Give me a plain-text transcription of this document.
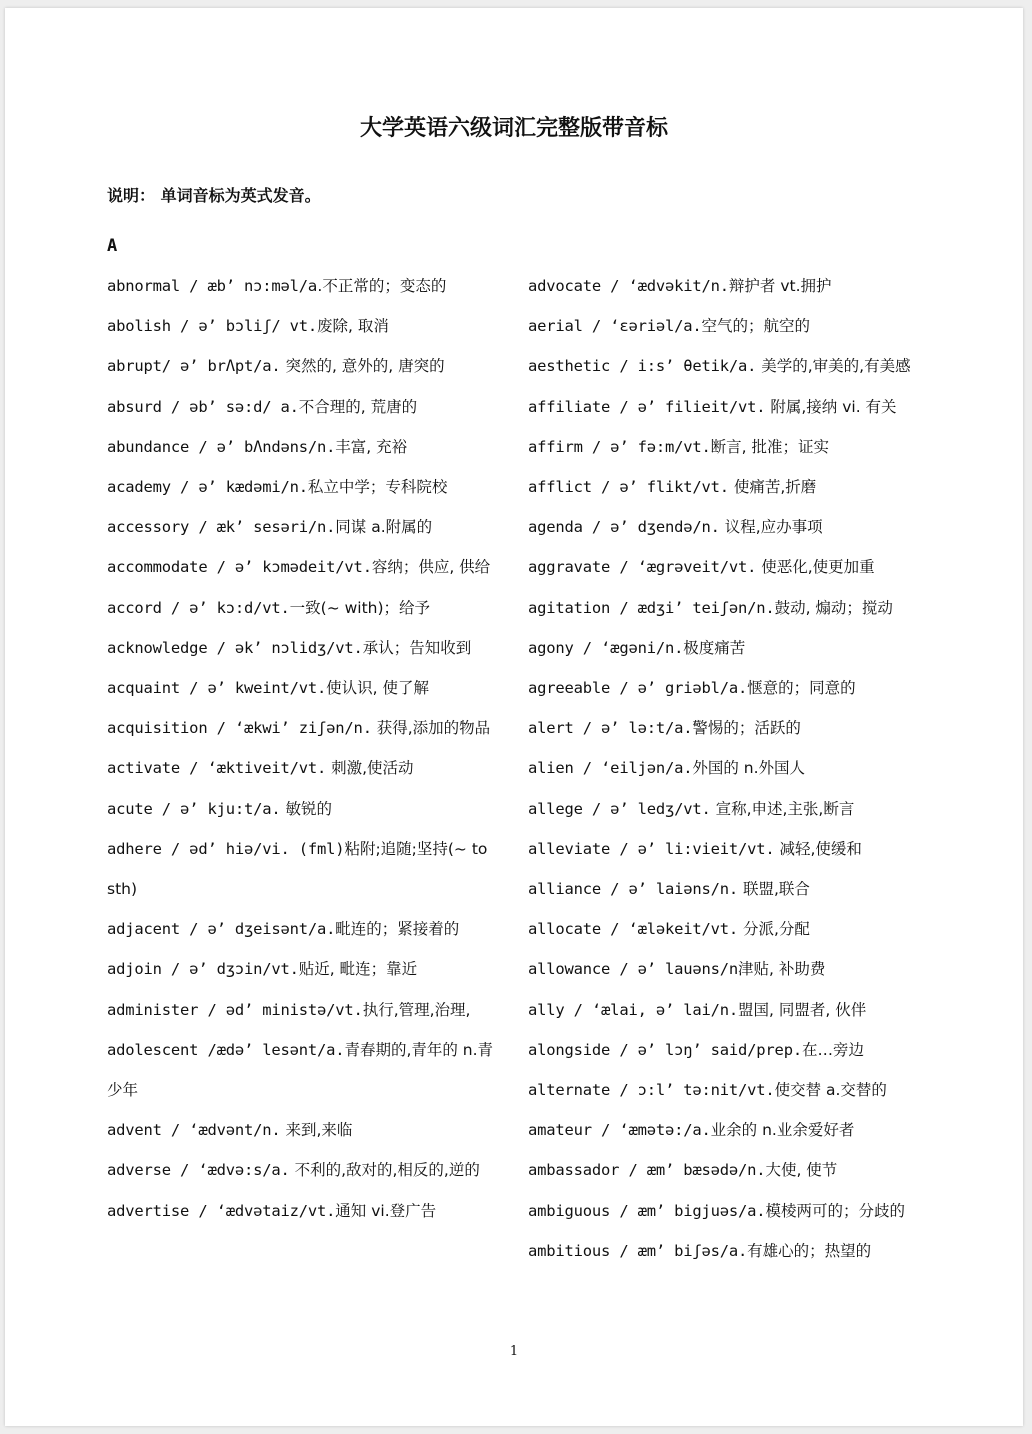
大学英语六级词汇完整版带音标
说明： 单词音标为英式发音。
A
abnormal / æb’ nɔ:məl/a.不正常的；变态的
abolish / ə’ bɔliʃ/ vt.废除, 取消
abrupt/ ə’ brΛpt/a. 突然的, 意外的, 唐突的
absurd / əb’ sə:d/ a.不合理的, 荒唐的
abundance / ə’ bΛndəns/n.丰富, 充裕
academy / ə’ kædəmi/n.私立中学；专科院校
accessory / æk’ sesəri/n.同谋 a.附属的
accommodate / ə’ kɔmədeit/vt.容纳；供应, 供给
accord / ə’ kɔ:d/vt.一致(~ with)；给予
acknowledge / ək’ nɔlidʒ/vt.承认；告知收到
acquaint / ə’ kweint/vt.使认识, 使了解
acquisition / ‘ækwi’ ziʃən/n. 获得,添加的物品
activate / ‘æktiveit/vt. 刺激,使活动
acute / ə’ kju:t/a. 敏锐的
adhere / əd’ hiə/vi. (fml)粘附;追随;坚持(~ to sth)
adjacent / ə’ dʒeisənt/a.毗连的；紧接着的
adjoin / ə’ dʒɔin/vt.贴近, 毗连；靠近
administer / əd’ ministə/vt.执行,管理,治理,
adolescent /ædə’ lesənt/a.青春期的,青年的 n.青少年
advent / ‘ædvənt/n. 来到,来临
adverse / ‘ædvə:s/a. 不利的,敌对的,相反的,逆的
advertise / ‘ædvətaiz/vt.通知 vi.登广告
advocate / ‘ædvəkit/n.辩护者 vt.拥护
aerial / ‘ɛəriəl/a.空气的；航空的
aesthetic / i:s’ θetik/a. 美学的,审美的,有美感
affiliate / ə’ filieit/vt. 附属,接纳 vi. 有关
affirm / ə’ fə:m/vt.断言, 批准；证实
afflict / ə’ flikt/vt. 使痛苦,折磨
agenda / ə’ dʒendə/n. 议程,应办事项
aggravate / ‘ægrəveit/vt. 使恶化,使更加重
agitation / ædʒi’ teiʃən/n.鼓动, 煽动；搅动
agony / ‘ægəni/n.极度痛苦
agreeable / ə’ griəbl/a.惬意的；同意的
alert / ə’ lə:t/a.警惕的；活跃的
alien / ‘eiljən/a.外国的 n.外国人
allege / ə’ ledʒ/vt. 宣称,申述,主张,断言
alleviate / ə’ li:vieit/vt. 减轻,使缓和
alliance / ə’ laiəns/n. 联盟,联合
allocate / ‘æləkeit/vt. 分派,分配
allowance / ə’ lauəns/n津贴, 补助费
ally / ‘ælai, ə’ lai/n.盟国, 同盟者, 伙伴
alongside / ə’ lɔŋ’ said/prep.在…旁边
alternate / ɔ:l’ tə:nit/vt.使交替 a.交替的
amateur / ‘æmətə:/a.业余的 n.业余爱好者
ambassador / æm’ bæsədə/n.大使, 使节
ambiguous / æm’ bigjuəs/a.模棱两可的；分歧的
ambitious / æm’ biʃəs/a.有雄心的；热望的
1
